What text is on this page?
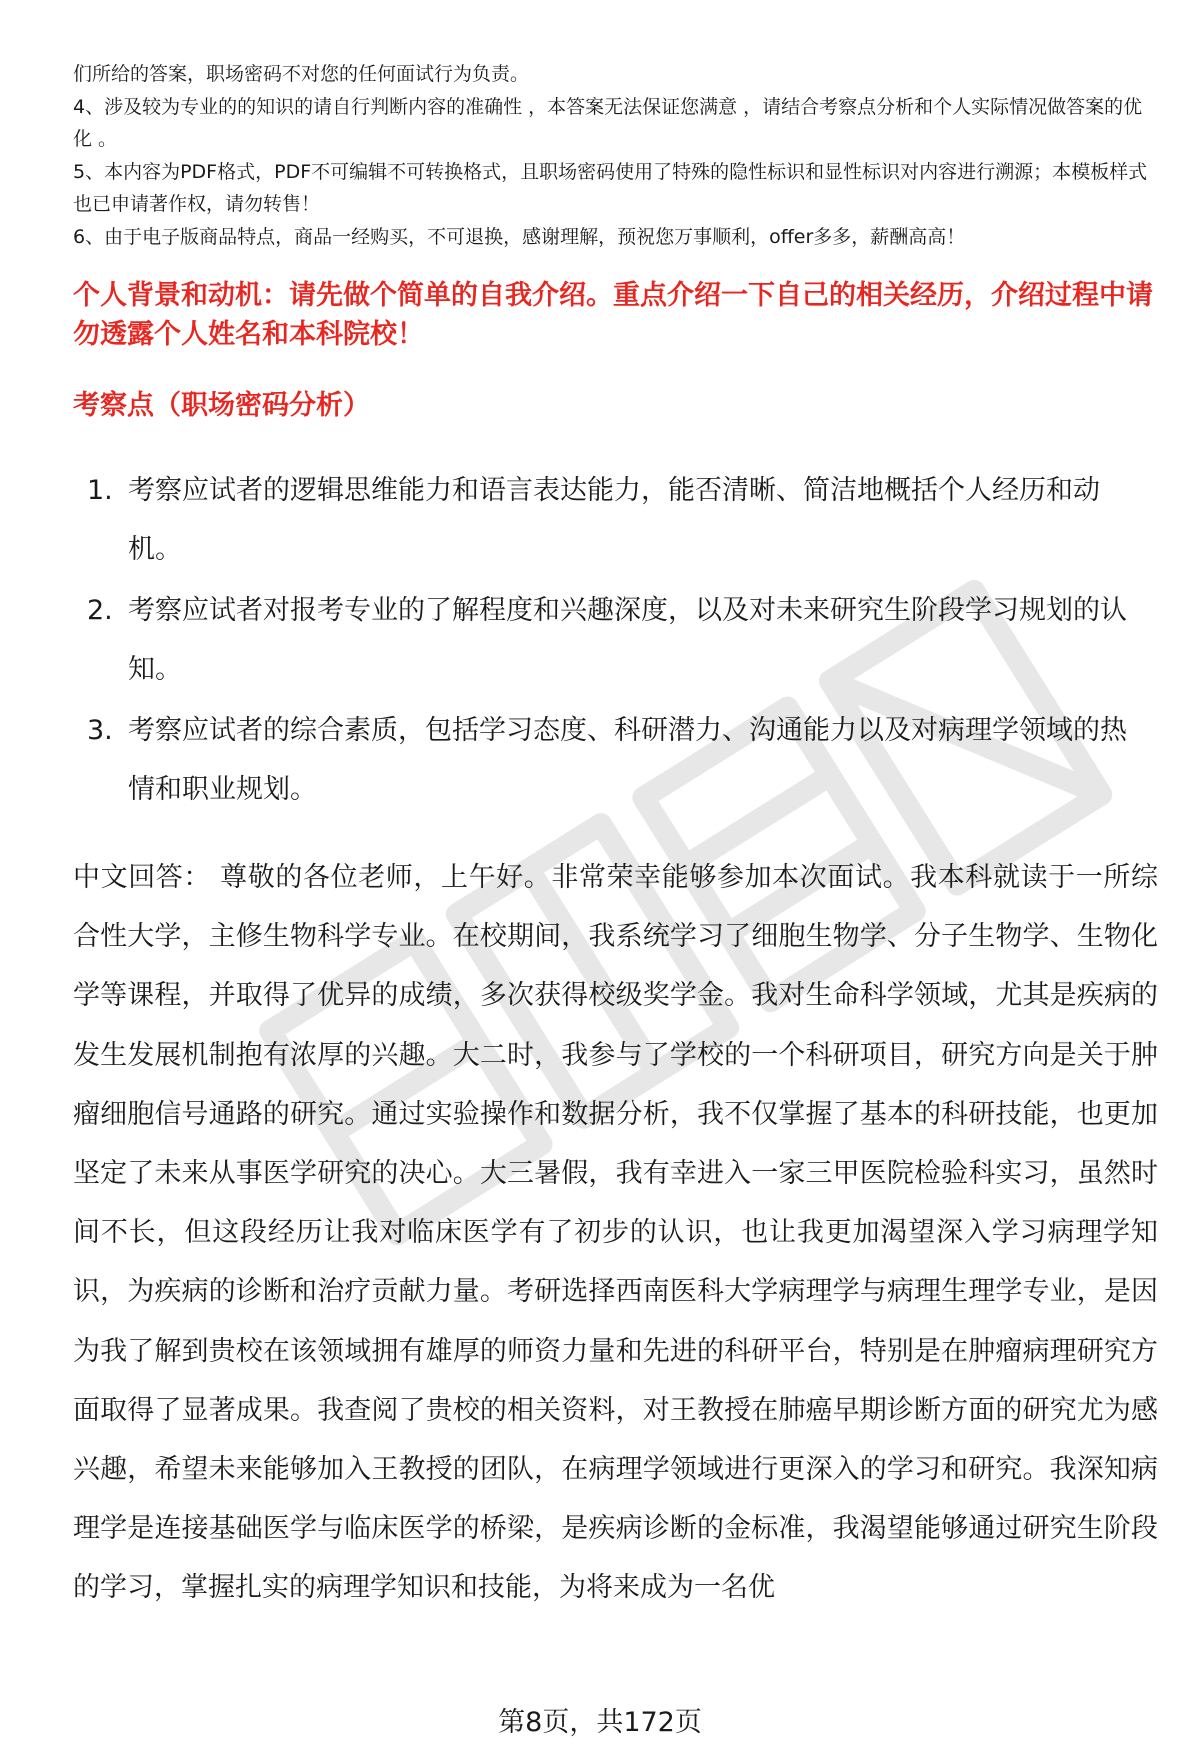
们所给的答案，职场密码不对您的任何面试行为负责。

4、涉及较为专业的的知识的请自行判断内容的准确性 ，本答案无法保证您满意 ，请结合考察点分析和个人实际情况做答案的优化 。

5、本内容为PDF格式，PDF不可编辑不可转换格式，且职场密码使用了特殊的隐性标识和显性标识对内容进行溯源；本模板样式也已申请著作权，请勿转售！

6、由于电子版商品特点，商品一经购买，不可退换，感谢理解，预祝您万事顺利，offer多多，薪酬高高！

个人背景和动机：请先做个简单的自我介绍。重点介绍一下自己的相关经历，介绍过程中请勿透露个人姓名和本科院校！

考察点（职场密码分析）

1. 考察应试者的逻辑思维能力和语言表达能力，能否清晰、简洁地概括个人经历和动机。
2. 考察应试者对报考专业的了解程度和兴趣深度，以及对未来研究生阶段学习规划的认知。
3. 考察应试者的综合素质，包括学习态度、科研潜力、沟通能力以及对病理学领域的热情和职业规划。

中文回答： 尊敬的各位老师，上午好。非常荣幸能够参加本次面试。我本科就读于一所综合性大学，主修生物科学专业。在校期间，我系统学习了细胞生物学、分子生物学、生物化学等课程，并取得了优异的成绩，多次获得校级奖学金。我对生命科学领域，尤其是疾病的发生发展机制抱有浓厚的兴趣。大二时，我参与了学校的一个科研项目，研究方向是关于肿瘤细胞信号通路的研究。通过实验操作和数据分析，我不仅掌握了基本的科研技能，也更加坚定了未来从事医学研究的决心。大三暑假，我有幸进入一家三甲医院检验科实习，虽然时间不长，但这段经历让我对临床医学有了初步的认识，也让我更加渴望深入学习病理学知识，为疾病的诊断和治疗贡献力量。考研选择西南医科大学病理学与病理生理学专业，是因为我了解到贵校在该领域拥有雄厚的师资力量和先进的科研平台，特别是在肿瘤病理研究方面取得了显著成果。我查阅了贵校的相关资料，对王教授在肺癌早期诊断方面的研究尤为感兴趣，希望未来能够加入王教授的团队，在病理学领域进行更深入的学习和研究。我深知病理学是连接基础医学与临床医学的桥梁，是疾病诊断的金标准，我渴望能够通过研究生阶段的学习，掌握扎实的病理学知识和技能，为将来成为一名优

第8页，共172页
